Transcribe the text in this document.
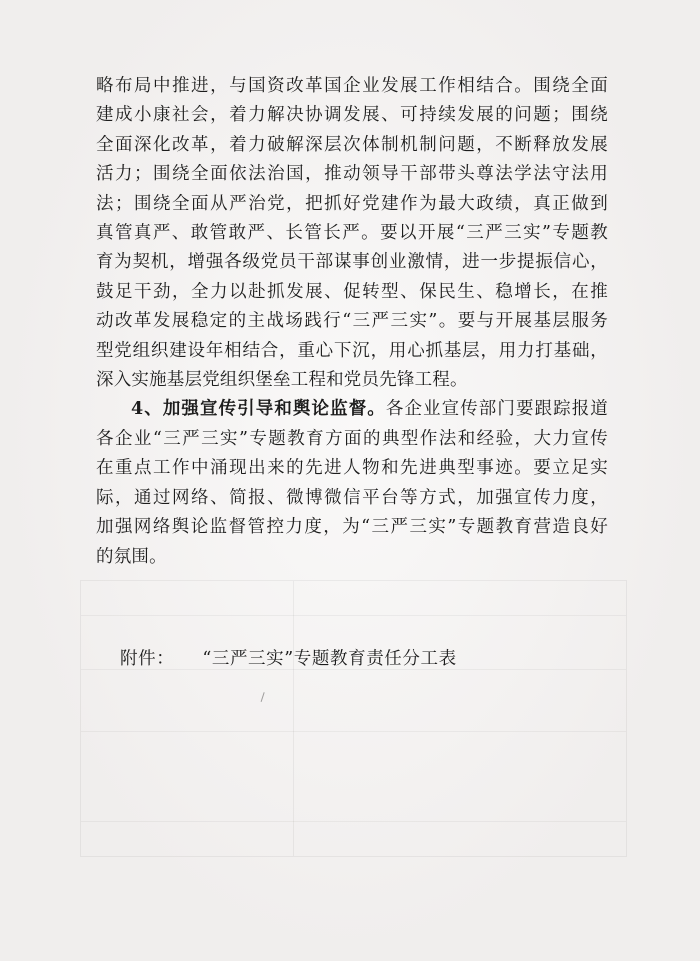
略布局中推进，与国资改革国企业发展工作相结合。围绕全面
建成小康社会，着力解决协调发展、可持续发展的问题；围绕
全面深化改革，着力破解深层次体制机制问题，不断释放发展
活力；围绕全面依法治国，推动领导干部带头尊法学法守法用
法；围绕全面从严治党，把抓好党建作为最大政绩，真正做到
真管真严、敢管敢严、长管长严。要以开展“三严三实”专题教
育为契机，增强各级党员干部谋事创业激情，进一步提振信心，
鼓足干劲，全力以赴抓发展、促转型、保民生、稳增长，在推
动改革发展稳定的主战场践行“三严三实”。要与开展基层服务
型党组织建设年相结合，重心下沉，用心抓基层，用力打基础，
深入实施基层党组织堡垒工程和党员先锋工程。

4、加强宣传引导和舆论监督。各企业宣传部门要跟踪报道
各企业“三严三实”专题教育方面的典型作法和经验，大力宣传
在重点工作中涌现出来的先进人物和先进典型事迹。要立足实
际，通过网络、简报、微博微信平台等方式，加强宣传力度，
加强网络舆论监督管控力度，为“三严三实”专题教育营造良好
的氛围。

附件： “三严三实”专题教育责任分工表
